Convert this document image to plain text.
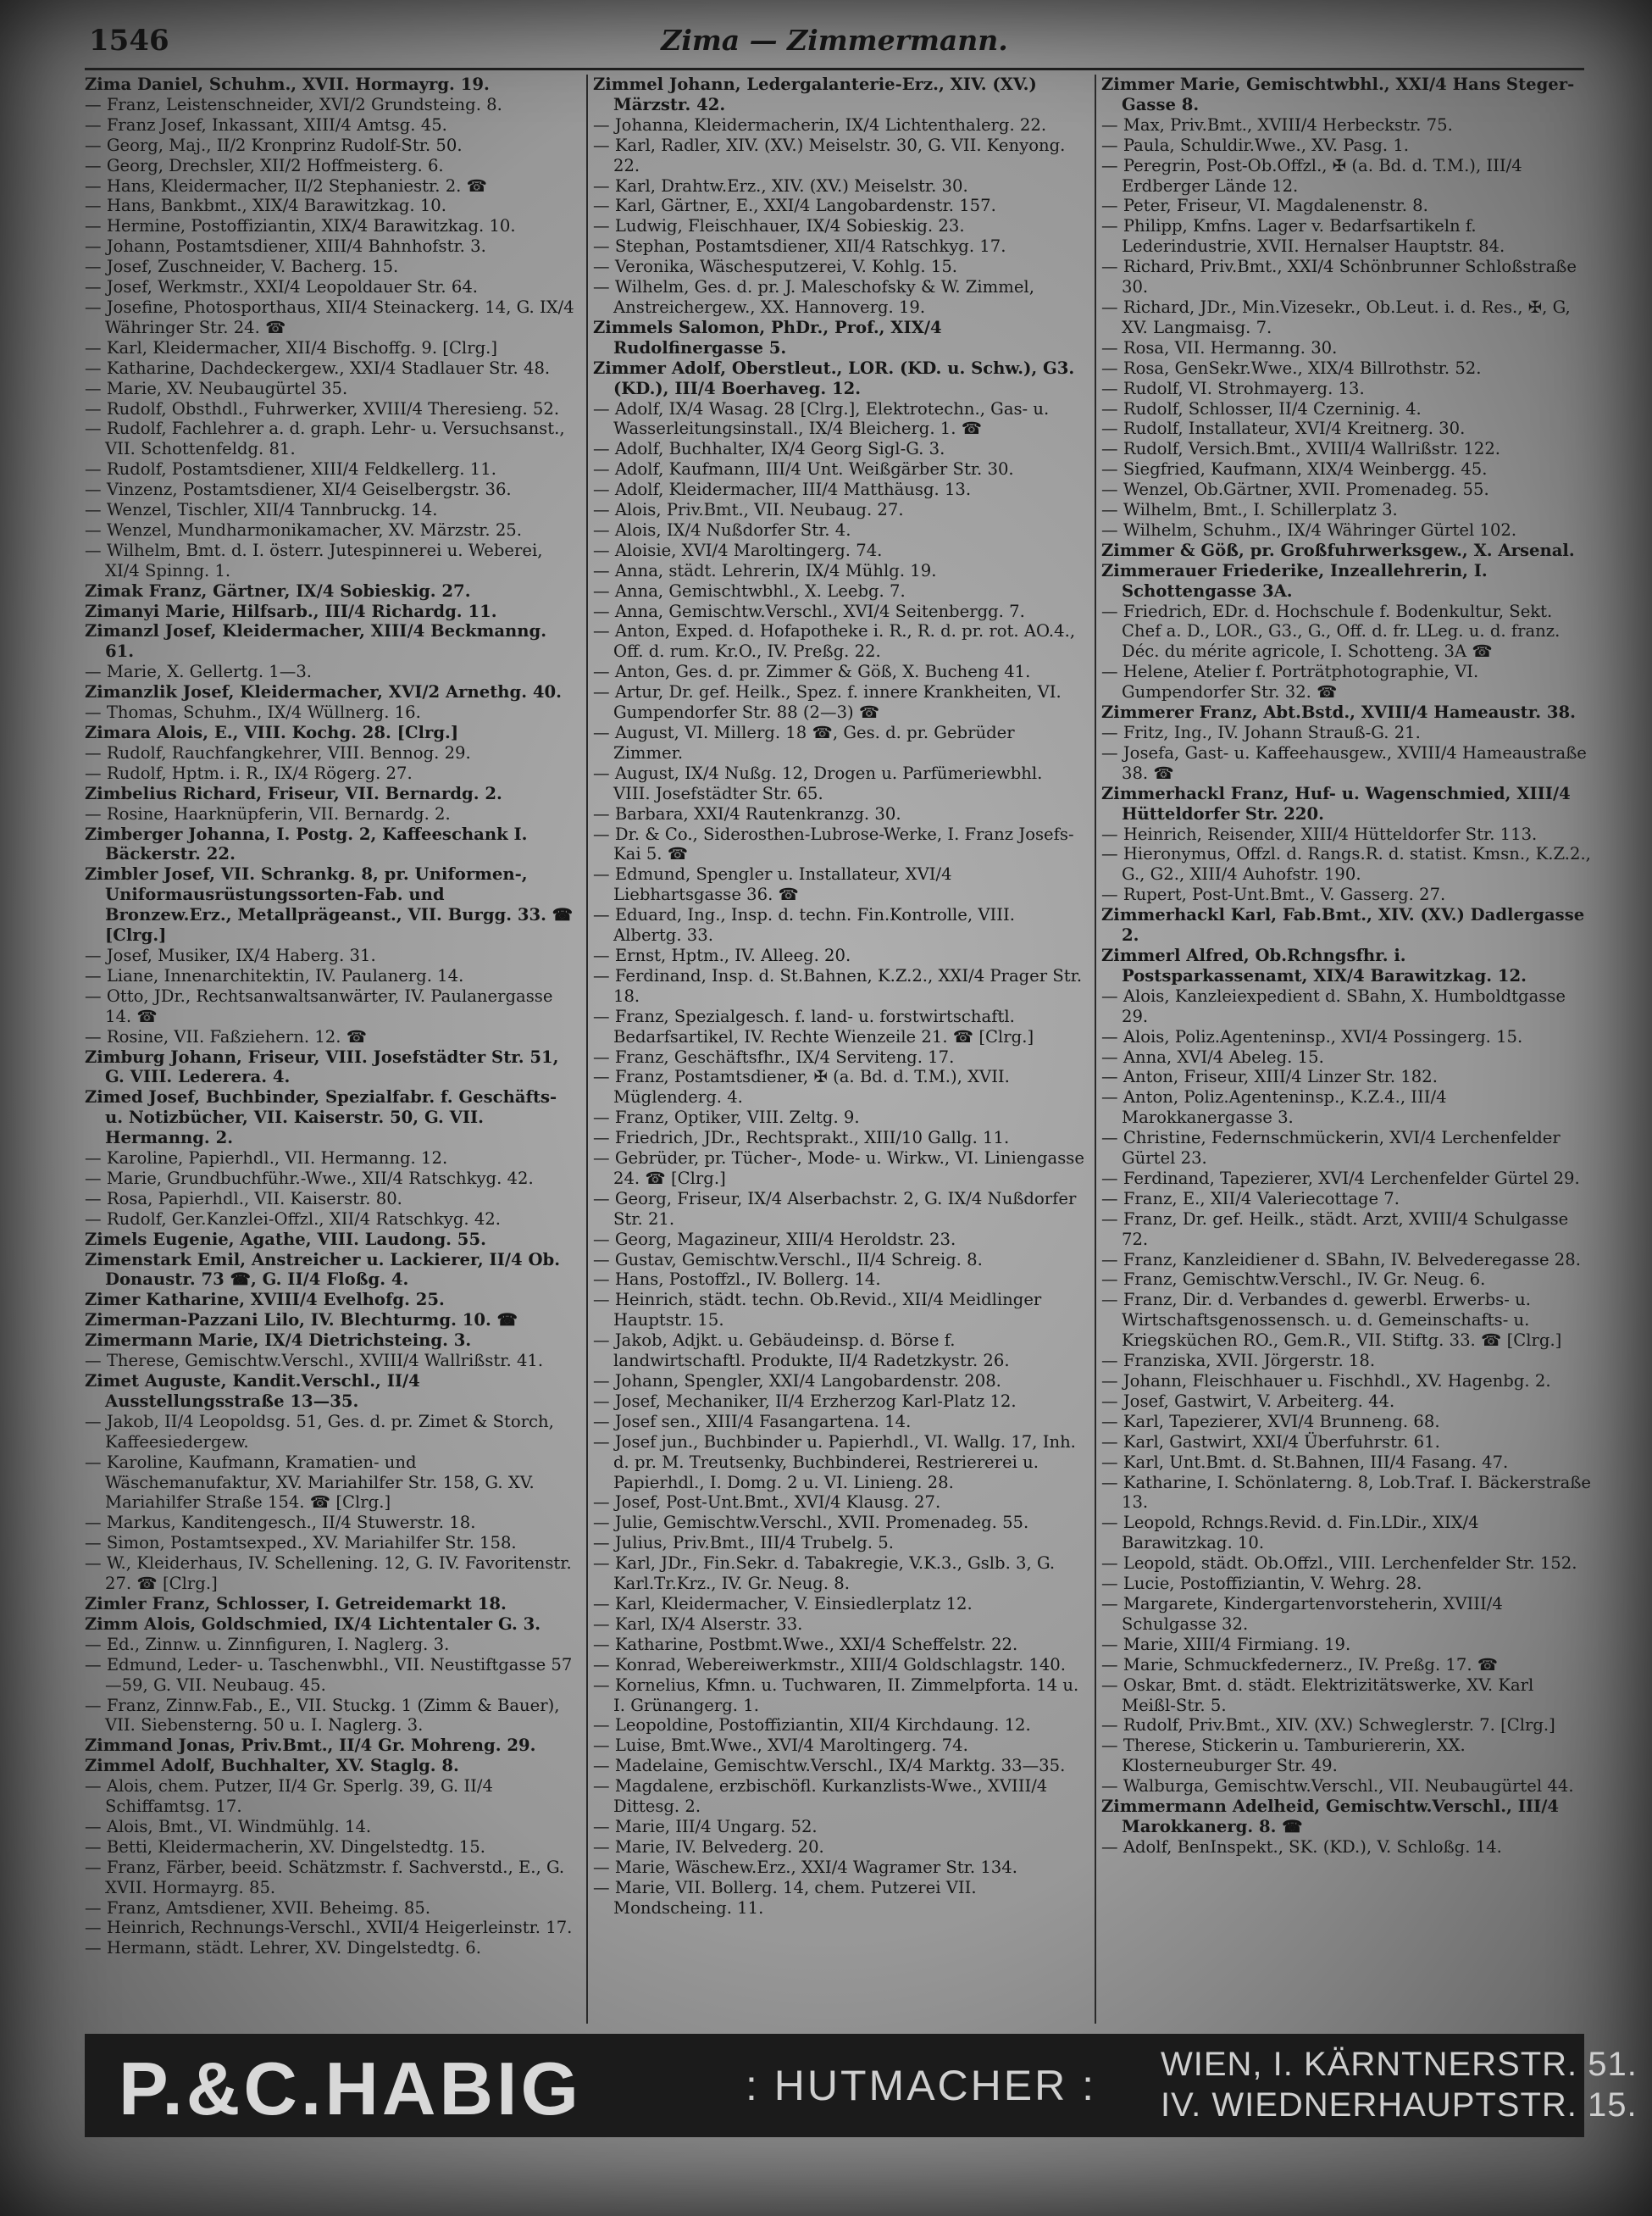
1546	Zima — Zimmermann.

Zima Daniel, Schuhm., XVII. Hormayrg. 19.

— Franz, Leistenschneider, XVI/2 Grundsteing. 8.

— Franz Josef, Inkassant, XIII/4 Amtsg. 45.

— Georg, Maj., II/2 Kronprinz Rudolf-Str. 50.

— Georg, Drechsler, XII/2 Hoffmeisterg. 6.

— Hans, Kleidermacher, II/2 Stephaniestr. 2. ☎

— Hans, Bankbmt., XIX/4 Barawitzkag. 10.

— Hermine, Postoffiziantin, XIX/4 Barawitzkag. 10.

— Johann, Postamtsdiener, XIII/4 Bahnhofstr. 3.

— Josef, Zuschneider, V. Bacherg. 15.

— Josef, Werkmstr., XXI/4 Leopoldauer Str. 64.

— Josefine, Photosporthaus, XII/4 Steinackerg. 14, G. IX/4 Währinger Str. 24. ☎

— Karl, Kleidermacher, XII/4 Bischoffg. 9. [Clrg.]

— Katharine, Dachdeckergew., XXI/4 Stadlauer Str. 48.

— Marie, XV. Neubaugürtel 35.

— Rudolf, Obsthdl., Fuhrwerker, XVIII/4 Theresieng. 52.

— Rudolf, Fachlehrer a. d. graph. Lehr- u. Versuchsanst., VII. Schottenfeldg. 81.

— Rudolf, Postamtsdiener, XIII/4 Feldkellerg. 11.

— Vinzenz, Postamtsdiener, XI/4 Geiselbergstr. 36.

— Wenzel, Tischler, XII/4 Tannbruckg. 14.

— Wenzel, Mundharmonikamacher, XV. Märzstr. 25.

— Wilhelm, Bmt. d. I. österr. Jutespinnerei u. Weberei, XI/4 Spinng. 1.

Zimak Franz, Gärtner, IX/4 Sobieskig. 27.

Zimanyi Marie, Hilfsarb., III/4 Richardg. 11.

Zimanzl Josef, Kleidermacher, XIII/4 Beckmanng. 61.

— Marie, X. Gellertg. 1—3.

Zimanzlik Josef, Kleidermacher, XVI/2 Arnethg. 40.

— Thomas, Schuhm., IX/4 Wüllnerg. 16.

Zimara Alois, E., VIII. Kochg. 28. [Clrg.]

— Rudolf, Rauchfangkehrer, VIII. Bennog. 29.

— Rudolf, Hptm. i. R., IX/4 Rögerg. 27.

Zimbelius Richard, Friseur, VII. Bernardg. 2.

— Rosine, Haarknüpferin, VII. Bernardg. 2.

Zimberger Johanna, I. Postg. 2, Kaffeeschank I. Bäckerstr. 22.

Zimbler Josef, VII. Schrankg. 8, pr. Uniformen-, Uniformausrüstungssorten-Fab. und Bronzew.Erz., Metallprägeanst., VII. Burgg. 33. ☎ [Clrg.]

— Josef, Musiker, IX/4 Haberg. 31.

— Liane, Innenarchitektin, IV. Paulanerg. 14.

— Otto, JDr., Rechtsanwaltsanwärter, IV. Paulanergasse 14. ☎

— Rosine, VII. Faßziehern. 12. ☎

Zimburg Johann, Friseur, VIII. Josefstädter Str. 51, G. VIII. Lederera. 4.

Zimed Josef, Buchbinder, Spezialfabr. f. Geschäfts- u. Notizbücher, VII. Kaiserstr. 50, G. VII. Hermanng. 2.

— Karoline, Papierhdl., VII. Hermanng. 12.

— Marie, Grundbuchführ.-Wwe., XII/4 Ratschkyg. 42.

— Rosa, Papierhdl., VII. Kaiserstr. 80.

— Rudolf, Ger.Kanzlei-Offzl., XII/4 Ratschkyg. 42.

Zimels Eugenie, Agathe, VIII. Laudong. 55.

Zimenstark Emil, Anstreicher u. Lackierer, II/4 Ob. Donaustr. 73 ☎, G. II/4 Floßg. 4.

Zimer Katharine, XVIII/4 Evelhofg. 25.

Zimerman-Pazzani Lilo, IV. Blechturmg. 10. ☎

Zimermann Marie, IX/4 Dietrichsteing. 3.

— Therese, Gemischtw.Verschl., XVIII/4 Wallrißstr. 41.

Zimet Auguste, Kandit.Verschl., II/4 Ausstellungsstraße 13—35.

— Jakob, II/4 Leopoldsg. 51, Ges. d. pr. Zimet & Storch, Kaffeesiedergew.

— Karoline, Kaufmann, Kramatien- und Wäschemanufaktur, XV. Mariahilfer Str. 158, G. XV. Mariahilfer Straße 154. ☎ [Clrg.]

— Markus, Kanditengesch., II/4 Stuwerstr. 18.

— Simon, Postamtsexped., XV. Mariahilfer Str. 158.

— W., Kleiderhaus, IV. Schellening. 12, G. IV. Favoritenstr. 27. ☎ [Clrg.]

Zimler Franz, Schlosser, I. Getreidemarkt 18.

Zimm Alois, Goldschmied, IX/4 Lichtentaler G. 3.

— Ed., Zinnw. u. Zinnfiguren, I. Naglerg. 3.

— Edmund, Leder- u. Taschenwbhl., VII. Neustiftgasse 57—59, G. VII. Neubaug. 45.

— Franz, Zinnw.Fab., E., VII. Stuckg. 1 (Zimm & Bauer), VII. Siebensterng. 50 u. I. Naglerg. 3.

Zimmand Jonas, Priv.Bmt., II/4 Gr. Mohreng. 29.

Zimmel Adolf, Buchhalter, XV. Staglg. 8.

— Alois, chem. Putzer, II/4 Gr. Sperlg. 39, G. II/4 Schiffamtsg. 17.

— Alois, Bmt., VI. Windmühlg. 14.

— Betti, Kleidermacherin, XV. Dingelstedtg. 15.

— Franz, Färber, beeid. Schätzmstr. f. Sachverstd., E., G. XVII. Hormayrg. 85.

— Franz, Amtsdiener, XVII. Beheimg. 85.

— Heinrich, Rechnungs-Verschl., XVII/4 Heigerleinstr. 17.

— Hermann, städt. Lehrer, XV. Dingelstedtg. 6.

Zimmel Johann, Ledergalanterie-Erz., XIV. (XV.) Märzstr. 42.

— Johanna, Kleidermacherin, IX/4 Lichtenthalerg. 22.

— Karl, Radler, XIV. (XV.) Meiselstr. 30, G. VII. Kenyong. 22.

— Karl, Drahtw.Erz., XIV. (XV.) Meiselstr. 30.

— Karl, Gärtner, E., XXI/4 Langobardenstr. 157.

— Ludwig, Fleischhauer, IX/4 Sobieskig. 23.

— Stephan, Postamtsdiener, XII/4 Ratschkyg. 17.

— Veronika, Wäschesputzerei, V. Kohlg. 15.

— Wilhelm, Ges. d. pr. J. Maleschofsky & W. Zimmel, Anstreichergew., XX. Hannoverg. 19.

Zimmels Salomon, PhDr., Prof., XIX/4 Rudolfinergasse 5.

Zimmer Adolf, Oberstleut., LOR. (KD. u. Schw.), G3. (KD.), III/4 Boerhaveg. 12.

— Adolf, IX/4 Wasag. 28 [Clrg.], Elektrotechn., Gas- u. Wasserleitungsinstall., IX/4 Bleicherg. 1. ☎

— Adolf, Buchhalter, IX/4 Georg Sigl-G. 3.

— Adolf, Kaufmann, III/4 Unt. Weißgärber Str. 30.

— Adolf, Kleidermacher, III/4 Matthäusg. 13.

— Alois, Priv.Bmt., VII. Neubaug. 27.

— Alois, IX/4 Nußdorfer Str. 4.

— Aloisie, XVI/4 Maroltingerg. 74.

— Anna, städt. Lehrerin, IX/4 Mühlg. 19.

— Anna, Gemischtwbhl., X. Leebg. 7.

— Anna, Gemischtw.Verschl., XVI/4 Seitenbergg. 7.

— Anton, Exped. d. Hofapotheke i. R., R. d. pr. rot. AO.4., Off. d. rum. Kr.O., IV. Preßg. 22.

— Anton, Ges. d. pr. Zimmer & Göß, X. Bucheng 41.

— Artur, Dr. gef. Heilk., Spez. f. innere Krankheiten, VI. Gumpendorfer Str. 88 (2—3) ☎

— August, VI. Millerg. 18 ☎, Ges. d. pr. Gebrüder Zimmer.

— August, IX/4 Nußg. 12, Drogen u. Parfümeriewbhl. VIII. Josefstädter Str. 65.

— Barbara, XXI/4 Rautenkranzg. 30.

— Dr. & Co., Siderosthen-Lubrose-Werke, I. Franz Josefs-Kai 5. ☎

— Edmund, Spengler u. Installateur, XVI/4 Liebhartsgasse 36. ☎

— Eduard, Ing., Insp. d. techn. Fin.Kontrolle, VIII. Albertg. 33.

— Ernst, Hptm., IV. Alleeg. 20.

— Ferdinand, Insp. d. St.Bahnen, K.Z.2., XXI/4 Prager Str. 18.

— Franz, Spezialgesch. f. land- u. forstwirtschaftl. Bedarfsartikel, IV. Rechte Wienzeile 21. ☎ [Clrg.]

— Franz, Geschäftsfhr., IX/4 Serviteng. 17.

— Franz, Postamtsdiener, ✠ (a. Bd. d. T.M.), XVII. Müglenderg. 4.

— Franz, Optiker, VIII. Zeltg. 9.

— Friedrich, JDr., Rechtsprakt., XIII/10 Gallg. 11.

— Gebrüder, pr. Tücher-, Mode- u. Wirkw., VI. Liniengasse 24. ☎ [Clrg.]

— Georg, Friseur, IX/4 Alserbachstr. 2, G. IX/4 Nußdorfer Str. 21.

— Georg, Magazineur, XIII/4 Heroldstr. 23.

— Gustav, Gemischtw.Verschl., II/4 Schreig. 8.

— Hans, Postoffzl., IV. Bollerg. 14.

— Heinrich, städt. techn. Ob.Revid., XII/4 Meidlinger Hauptstr. 15.

— Jakob, Adjkt. u. Gebäudeinsp. d. Börse f. landwirtschaftl. Produkte, II/4 Radetzkystr. 26.

— Johann, Spengler, XXI/4 Langobardenstr. 208.

— Josef, Mechaniker, II/4 Erzherzog Karl-Platz 12.

— Josef sen., XIII/4 Fasangartena. 14.

— Josef jun., Buchbinder u. Papierhdl., VI. Wallg. 17, Inh. d. pr. M. Treutsenky, Buchbinderei, Restriererei u. Papierhdl., I. Domg. 2 u. VI. Linieng. 28.

— Josef, Post-Unt.Bmt., XVI/4 Klausg. 27.

— Julie, Gemischtw.Verschl., XVII. Promenadeg. 55.

— Julius, Priv.Bmt., III/4 Trubelg. 5.

— Karl, JDr., Fin.Sekr. d. Tabakregie, V.K.3., Gslb. 3, G. Karl.Tr.Krz., IV. Gr. Neug. 8.

— Karl, Kleidermacher, V. Einsiedlerplatz 12.

— Karl, IX/4 Alserstr. 33.

— Katharine, Postbmt.Wwe., XXI/4 Scheffelstr. 22.

— Konrad, Webereiwerkmstr., XIII/4 Goldschlagstr. 140.

— Kornelius, Kfmn. u. Tuchwaren, II. Zimmelpforta. 14 u. I. Grünangerg. 1.

— Leopoldine, Postoffiziantin, XII/4 Kirchdaung. 12.

— Luise, Bmt.Wwe., XVI/4 Maroltingerg. 74.

— Madelaine, Gemischtw.Verschl., IX/4 Marktg. 33—35.

— Magdalene, erzbischöfl. Kurkanzlists-Wwe., XVIII/4 Dittesg. 2.

— Marie, III/4 Ungarg. 52.

— Marie, IV. Belvederg. 20.

— Marie, Wäschew.Erz., XXI/4 Wagramer Str. 134.

— Marie, VII. Bollerg. 14, chem. Putzerei VII. Mondscheing. 11.

Zimmer Marie, Gemischtwbhl., XXI/4 Hans Steger-Gasse 8.

— Max, Priv.Bmt., XVIII/4 Herbeckstr. 75.

— Paula, Schuldir.Wwe., XV. Pasg. 1.

— Peregrin, Post-Ob.Offzl., ✠ (a. Bd. d. T.M.), III/4 Erdberger Lände 12.

— Peter, Friseur, VI. Magdalenenstr. 8.

— Philipp, Kmfns. Lager v. Bedarfsartikeln f. Lederindustrie, XVII. Hernalser Hauptstr. 84.

— Richard, Priv.Bmt., XXI/4 Schönbrunner Schloßstraße 30.

— Richard, JDr., Min.Vizesekr., Ob.Leut. i. d. Res., ✠, G, XV. Langmaisg. 7.

— Rosa, VII. Hermanng. 30.

— Rosa, GenSekr.Wwe., XIX/4 Billrothstr. 52.

— Rudolf, VI. Strohmayerg. 13.

— Rudolf, Schlosser, II/4 Czerninig. 4.

— Rudolf, Installateur, XVI/4 Kreitnerg. 30.

— Rudolf, Versich.Bmt., XVIII/4 Wallrißstr. 122.

— Siegfried, Kaufmann, XIX/4 Weinbergg. 45.

— Wenzel, Ob.Gärtner, XVII. Promenadeg. 55.

— Wilhelm, Bmt., I. Schillerplatz 3.

— Wilhelm, Schuhm., IX/4 Währinger Gürtel 102.

Zimmer & Göß, pr. Großfuhrwerksgew., X. Arsenal.

Zimmerauer Friederike, Inzeallehrerin, I. Schottengasse 3A.

— Friedrich, EDr. d. Hochschule f. Bodenkultur, Sekt. Chef a. D., LOR., G3., G., Off. d. fr. LLeg. u. d. franz. Déc. du mérite agricole, I. Schotteng. 3A ☎

— Helene, Atelier f. Porträtphotographie, VI. Gumpendorfer Str. 32. ☎

Zimmerer Franz, Abt.Bstd., XVIII/4 Hameaustr. 38.

— Fritz, Ing., IV. Johann Strauß-G. 21.

— Josefa, Gast- u. Kaffeehausgew., XVIII/4 Hameaustraße 38. ☎

Zimmerhackl Franz, Huf- u. Wagenschmied, XIII/4 Hütteldorfer Str. 220.

— Heinrich, Reisender, XIII/4 Hütteldorfer Str. 113.

— Hieronymus, Offzl. d. Rangs.R. d. statist. Kmsn., K.Z.2., G., G2., XIII/4 Auhofstr. 190.

— Rupert, Post-Unt.Bmt., V. Gasserg. 27.

Zimmerhackl Karl, Fab.Bmt., XIV. (XV.) Dadlergasse 2.

Zimmerl Alfred, Ob.Rchngsfhr. i. Postsparkassenamt, XIX/4 Barawitzkag. 12.

— Alois, Kanzleiexpedient d. SBahn, X. Humboldtgasse 29.

— Alois, Poliz.Agenteninsp., XVI/4 Possingerg. 15.

— Anna, XVI/4 Abeleg. 15.

— Anton, Friseur, XIII/4 Linzer Str. 182.

— Anton, Poliz.Agenteninsp., K.Z.4., III/4 Marokkanergasse 3.

— Christine, Federnschmückerin, XVI/4 Lerchenfelder Gürtel 23.

— Ferdinand, Tapezierer, XVI/4 Lerchenfelder Gürtel 29.

— Franz, E., XII/4 Valeriecottage 7.

— Franz, Dr. gef. Heilk., städt. Arzt, XVIII/4 Schulgasse 72.

— Franz, Kanzleidiener d. SBahn, IV. Belvederegasse 28.

— Franz, Gemischtw.Verschl., IV. Gr. Neug. 6.

— Franz, Dir. d. Verbandes d. gewerbl. Erwerbs- u. Wirtschaftsgenossensch. u. d. Gemeinschafts- u. Kriegsküchen RO., Gem.R., VII. Stiftg. 33. ☎ [Clrg.]

— Franziska, XVII. Jörgerstr. 18.

— Johann, Fleischhauer u. Fischhdl., XV. Hagenbg. 2.

— Josef, Gastwirt, V. Arbeiterg. 44.

— Karl, Tapezierer, XVI/4 Brunneng. 68.

— Karl, Gastwirt, XXI/4 Überfuhrstr. 61.

— Karl, Unt.Bmt. d. St.Bahnen, III/4 Fasang. 47.

— Katharine, I. Schönlaterng. 8, Lob.Traf. I. Bäckerstraße 13.

— Leopold, Rchngs.Revid. d. Fin.LDir., XIX/4 Barawitzkag. 10.

— Leopold, städt. Ob.Offzl., VIII. Lerchenfelder Str. 152.

— Lucie, Postoffiziantin, V. Wehrg. 28.

— Margarete, Kindergartenvorsteherin, XVIII/4 Schulgasse 32.

— Marie, XIII/4 Firmiang. 19.

— Marie, Schmuckfedernerz., IV. Preßg. 17. ☎

— Oskar, Bmt. d. städt. Elektrizitätswerke, XV. Karl Meißl-Str. 5.

— Rudolf, Priv.Bmt., XIV. (XV.) Schweglerstr. 7. [Clrg.]

— Therese, Stickerin u. Tamburiererin, XX. Klosterneuburger Str. 49.

— Walburga, Gemischtw.Verschl., VII. Neubaugürtel 44.

Zimmermann Adelheid, Gemischtw.Verschl., III/4 Marokkanerg. 8. ☎

— Adolf, BenInspekt., SK. (KD.), V. Schloßg. 14.

P.&C.HABIG	: HUTMACHER : WIEN, I. KÄRNTNERSTR. 51.
IV. WIEDNERHAUPTSTR. 15.
